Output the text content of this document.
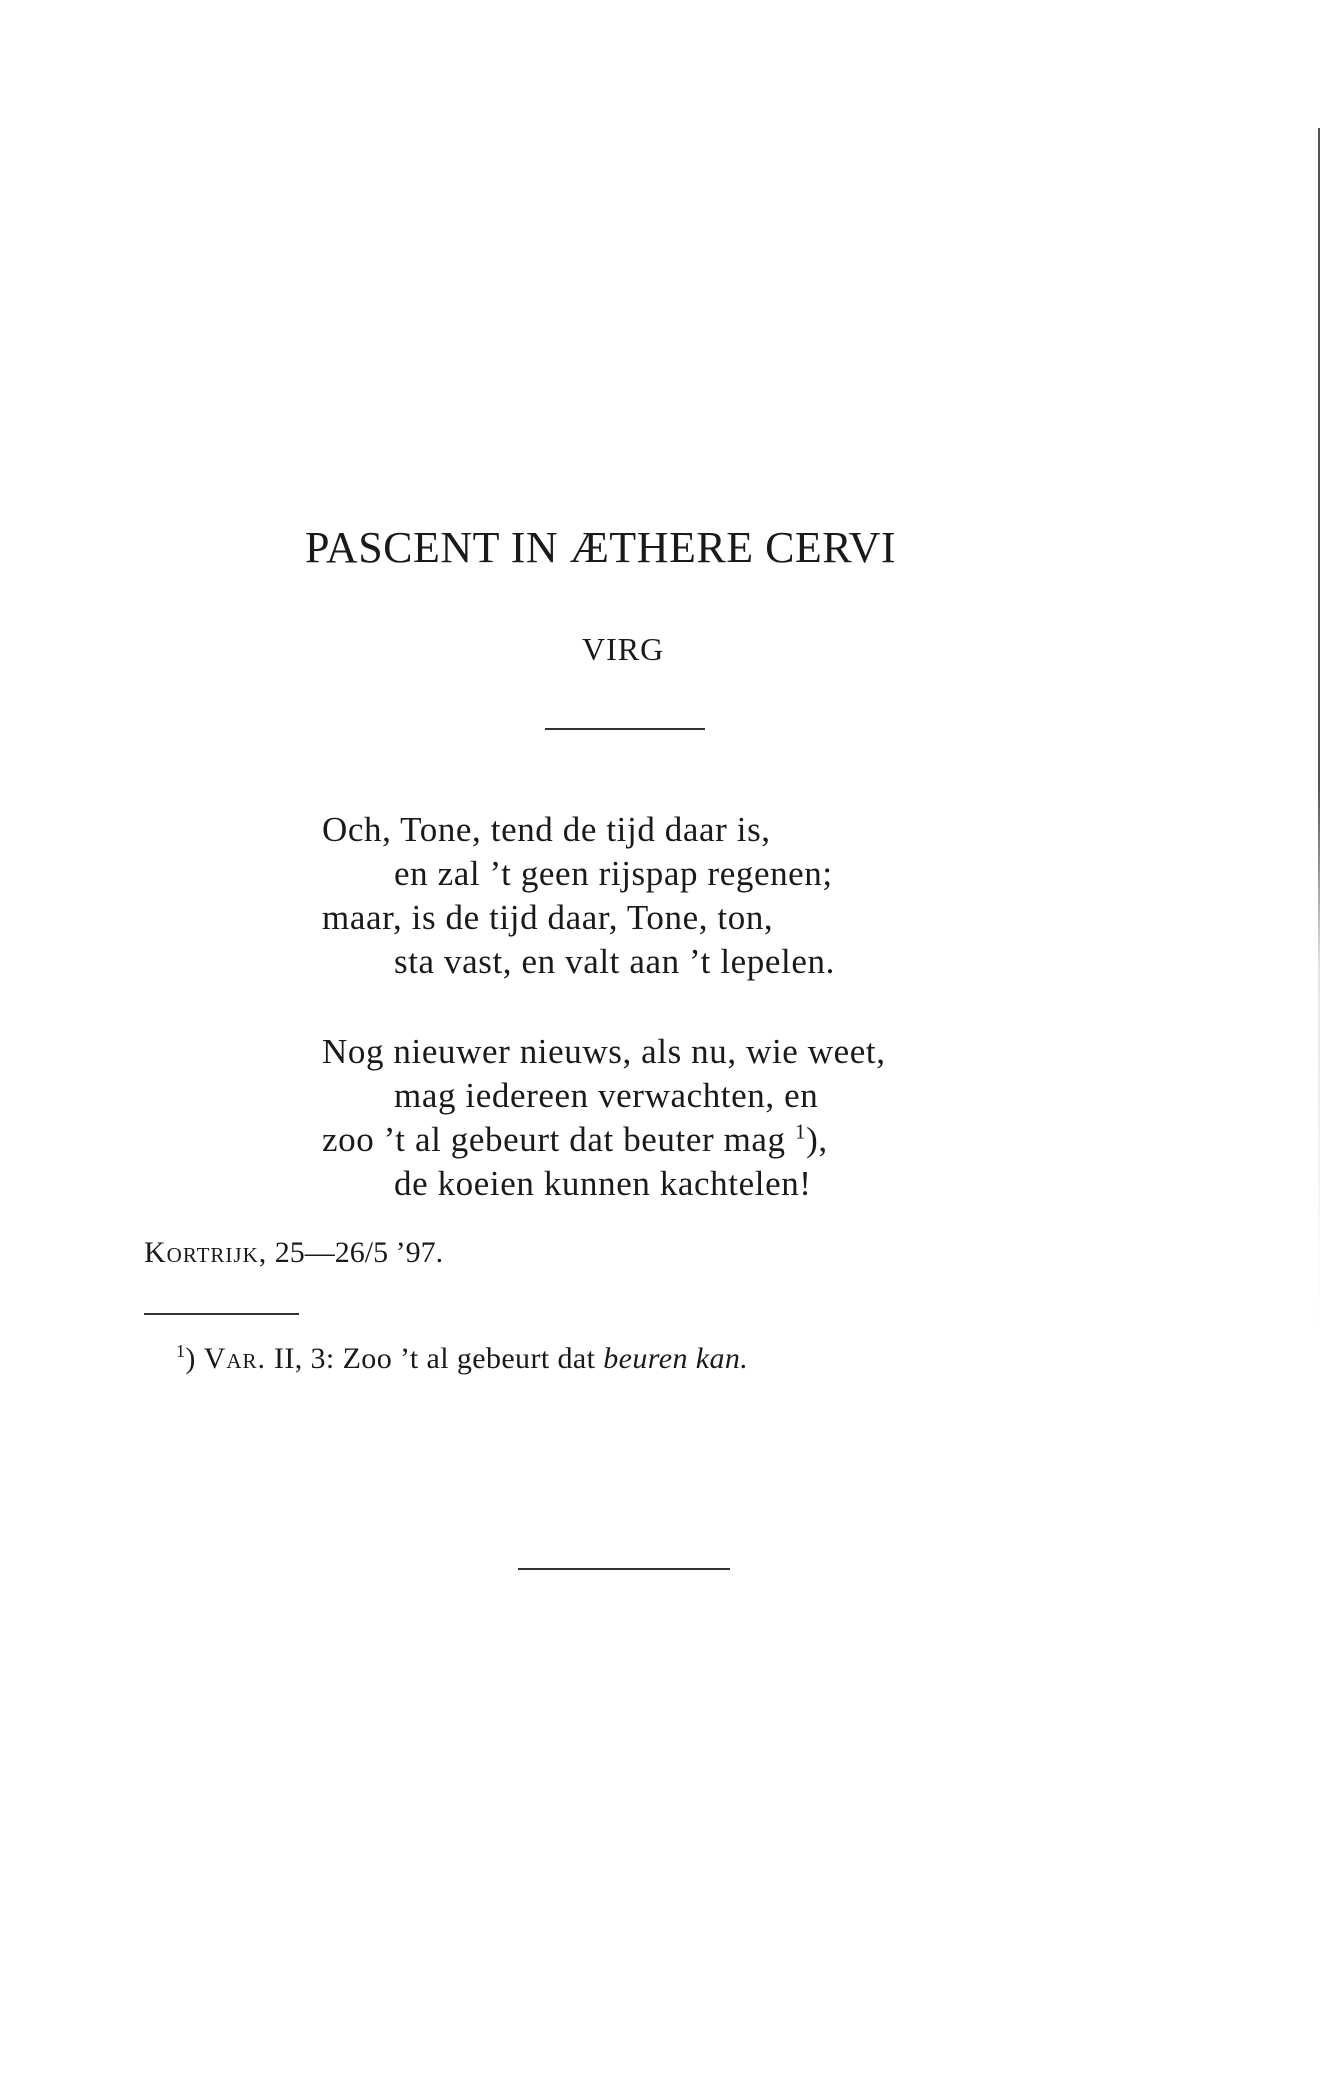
PASCENT IN ÆTHERE CERVI
VIRG
Och, Tone, tend de tijd daar is,
en zal ’t geen rijspap regenen;
maar, is de tijd daar, Tone, ton,
sta vast, en valt aan ’t lepelen.
Nog nieuwer nieuws, als nu, wie weet,
mag iedereen verwachten, en
zoo ’t al gebeurt dat beuter mag $^1$),
de koeien kunnen kachtelen!
Kortrijk, 25—26/5 ’97.
$^1$) Var. II, 3: Zoo ’t al gebeurt dat beuren kan.
